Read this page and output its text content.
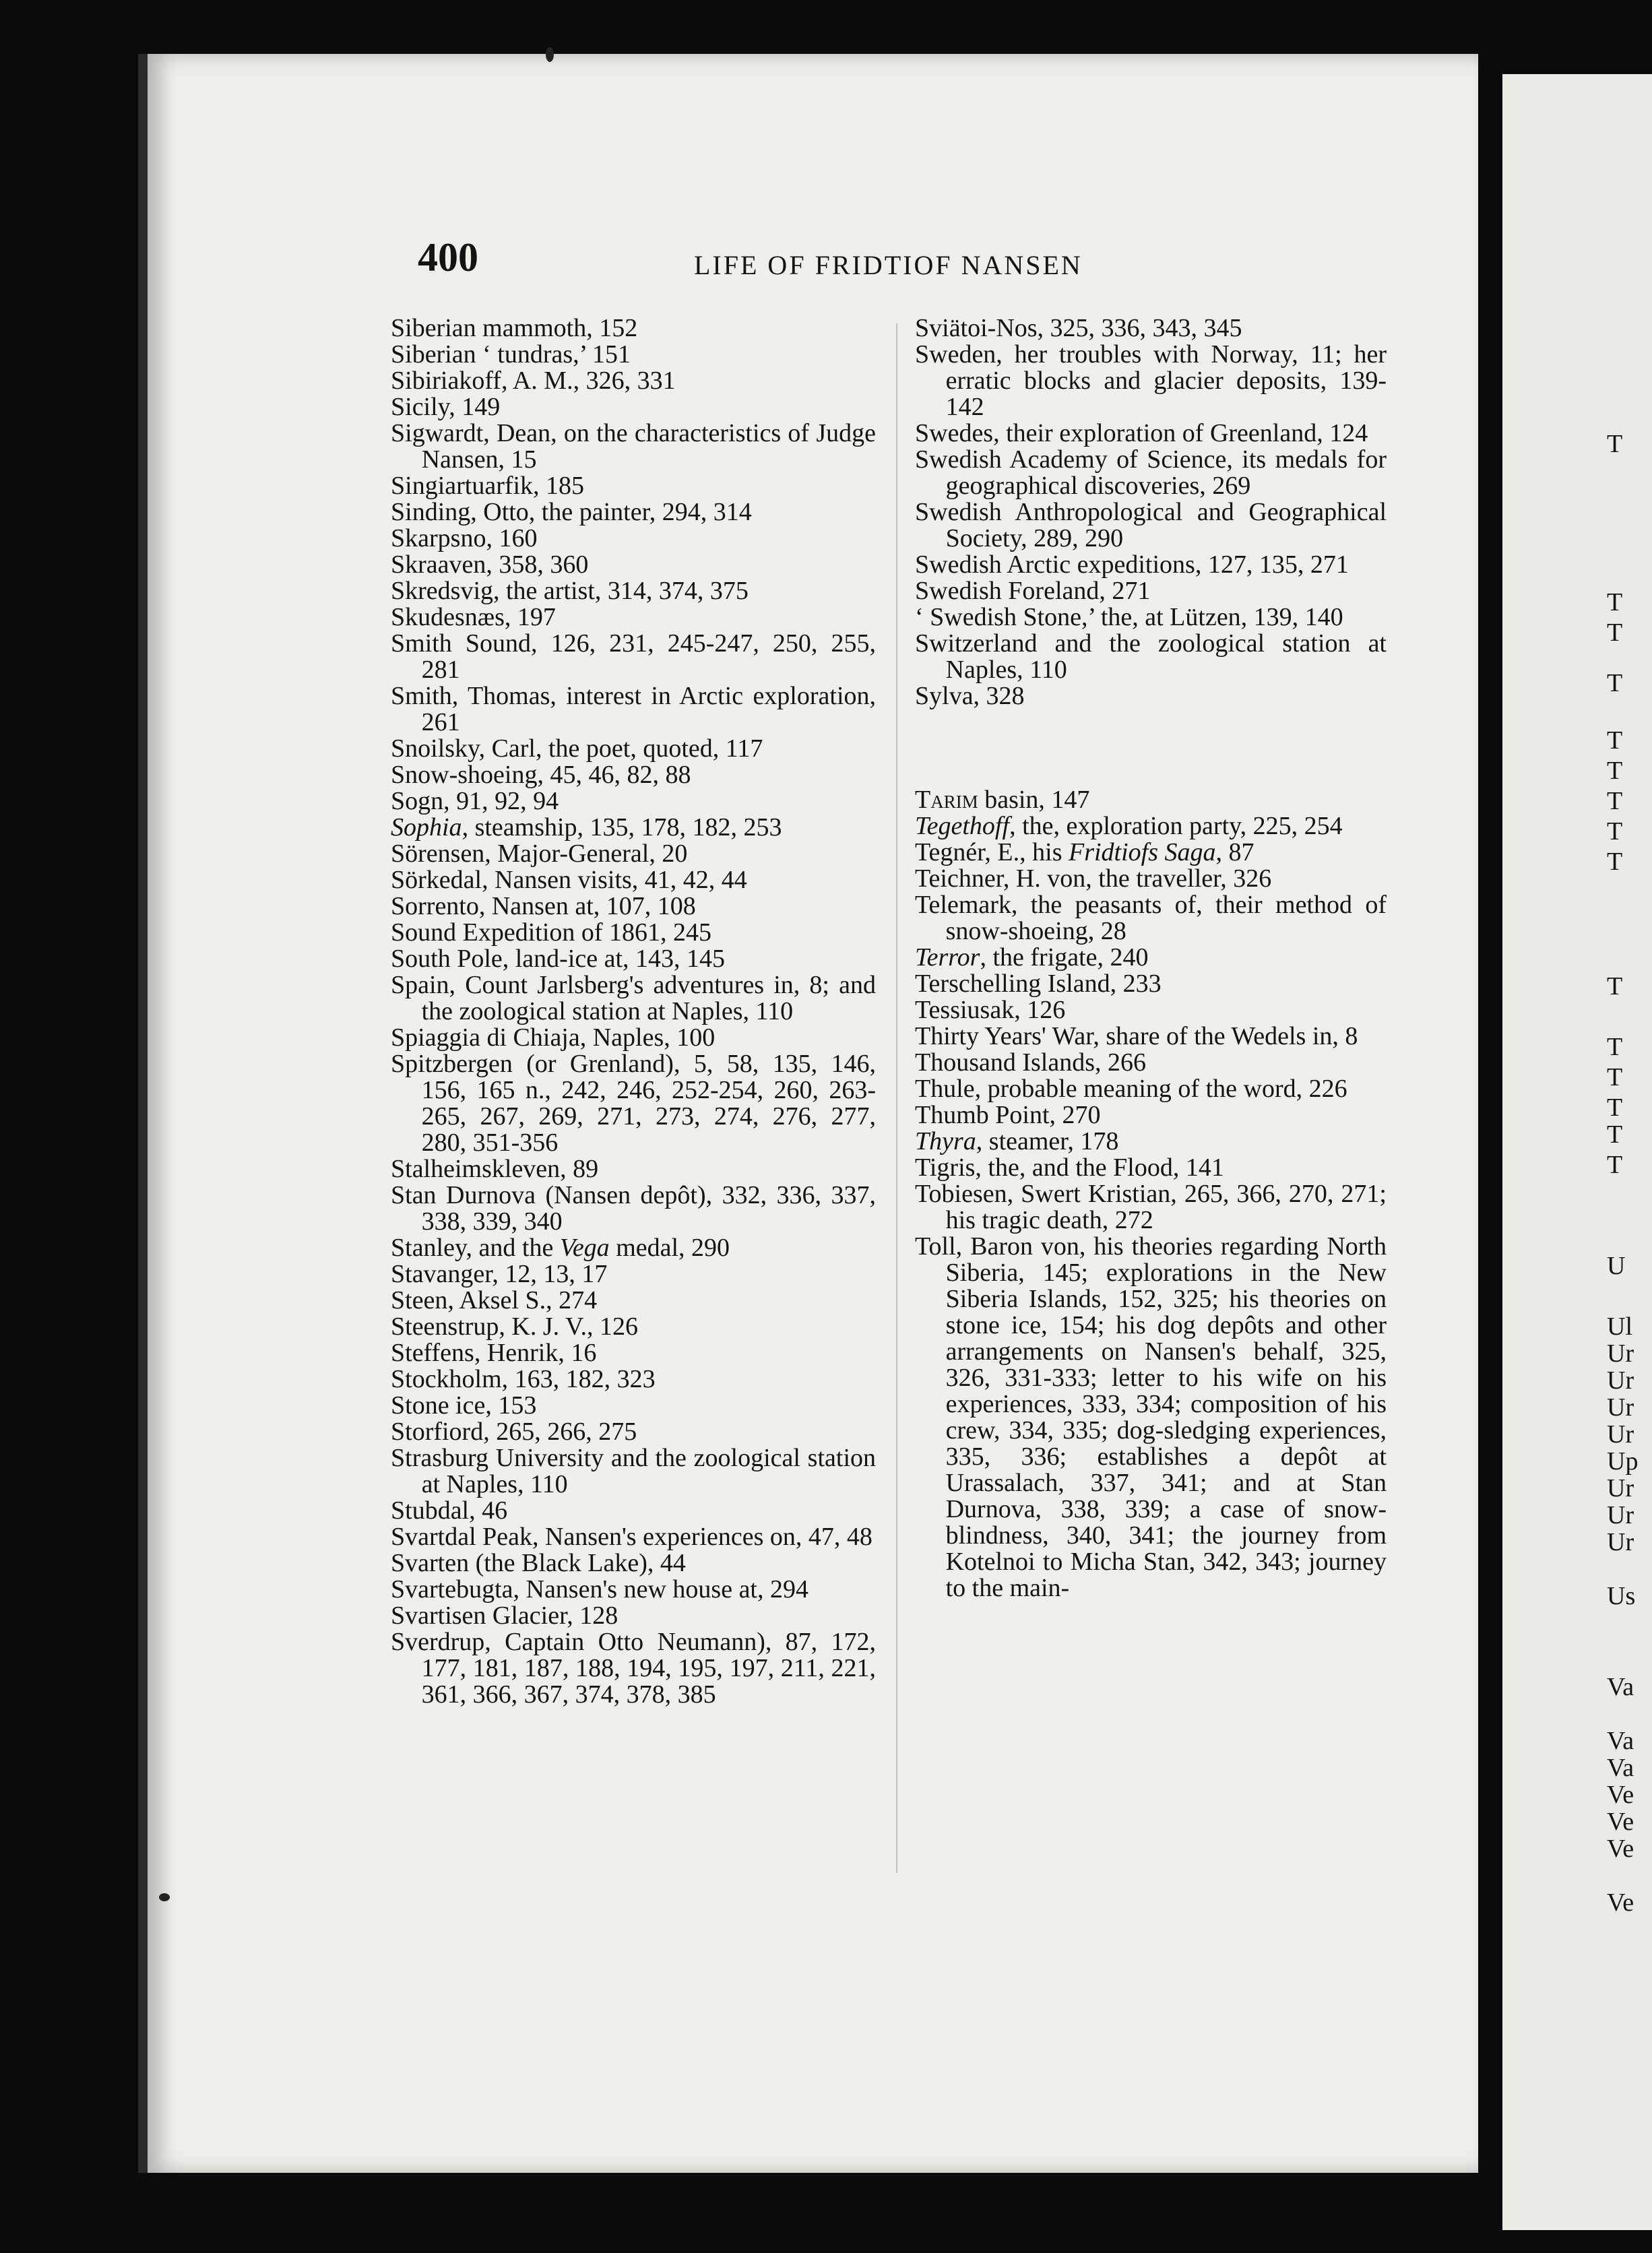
400	LIFE OF FRIDTIOF NANSEN

Siberian mammoth, 152

Siberian ‘ tundras,’ 151

Sibiriakoff, A. M., 326, 331

Sicily, 149

Sigwardt, Dean, on the characteristics of Judge Nansen, 15

Singiartuarfik, 185

Sinding, Otto, the painter, 294, 314

Skarpsno, 160

Skraaven, 358, 360

Skredsvig, the artist, 314, 374, 375

Skudesnæs, 197

Smith Sound, 126, 231, 245-247, 250, 255, 281

Smith, Thomas, interest in Arctic exploration, 261

Snoilsky, Carl, the poet, quoted, 117

Snow-shoeing, 45, 46, 82, 88

Sogn, 91, 92, 94

Sophia, steamship, 135, 178, 182, 253

Sörensen, Major-General, 20

Sörkedal, Nansen visits, 41, 42, 44

Sorrento, Nansen at, 107, 108

Sound Expedition of 1861, 245

South Pole, land-ice at, 143, 145

Spain, Count Jarlsberg's adventures in, 8; and the zoological station at Naples, 110

Spiaggia di Chiaja, Naples, 100

Spitzbergen (or Grenland), 5, 58, 135, 146, 156, 165 n., 242, 246, 252-254, 260, 263-265, 267, 269, 271, 273, 274, 276, 277, 280, 351-356

Stalheimskleven, 89

Stan Durnova (Nansen depôt), 332, 336, 337, 338, 339, 340

Stanley, and the Vega medal, 290

Stavanger, 12, 13, 17

Steen, Aksel S., 274

Steenstrup, K. J. V., 126

Steffens, Henrik, 16

Stockholm, 163, 182, 323

Stone ice, 153

Storfiord, 265, 266, 275

Strasburg University and the zoological station at Naples, 110

Stubdal, 46

Svartdal Peak, Nansen's experiences on, 47, 48

Svarten (the Black Lake), 44

Svartebugta, Nansen's new house at, 294

Svartisen Glacier, 128

Sverdrup, Captain Otto Neumann), 87, 172, 177, 181, 187, 188, 194, 195, 197, 211, 221, 361, 366, 367, 374, 378, 385

Sviätoi-Nos, 325, 336, 343, 345

Sweden, her troubles with Norway, 11; her erratic blocks and glacier deposits, 139-142

Swedes, their exploration of Greenland, 124

Swedish Academy of Science, its medals for geographical discoveries, 269

Swedish Anthropological and Geographical Society, 289, 290

Swedish Arctic expeditions, 127, 135, 271

Swedish Foreland, 271

‘ Swedish Stone,’ the, at Lützen, 139, 140

Switzerland and the zoological station at Naples, 110

Sylva, 328

Tarim basin, 147

Tegethoff, the, exploration party, 225, 254

Tegnér, E., his Fridtiofs Saga, 87

Teichner, H. von, the traveller, 326

Telemark, the peasants of, their method of snow-shoeing, 28

Terror, the frigate, 240

Terschelling Island, 233

Tessiusak, 126

Thirty Years' War, share of the Wedels in, 8

Thousand Islands, 266

Thule, probable meaning of the word, 226

Thumb Point, 270

Thyra, steamer, 178

Tigris, the, and the Flood, 141

Tobiesen, Swert Kristian, 265, 366, 270, 271; his tragic death, 272

Toll, Baron von, his theories regarding North Siberia, 145; explorations in the New Siberia Islands, 152, 325; his theories on stone ice, 154; his dog depôts and other arrangements on Nansen's behalf, 325, 326, 331-333; letter to his wife on his experiences, 333, 334; composition of his crew, 334, 335; dog-sledging experiences, 335, 336; establishes a depôt at Urassalach, 337, 341; and at Stan Durnova, 338, 339; a case of snow-blindness, 340, 341; the journey from Kotelnoi to Micha Stan, 342, 343; journey to the main-

T
T
T
T
T
T
T
T
T
T
T
T
T
T
T
U
Ul
Ur
Ur
Ur
Ur
Up
Ur
Ur
Ur
Us
Va
Va
Va
Ve
Ve
Ve
Ve
